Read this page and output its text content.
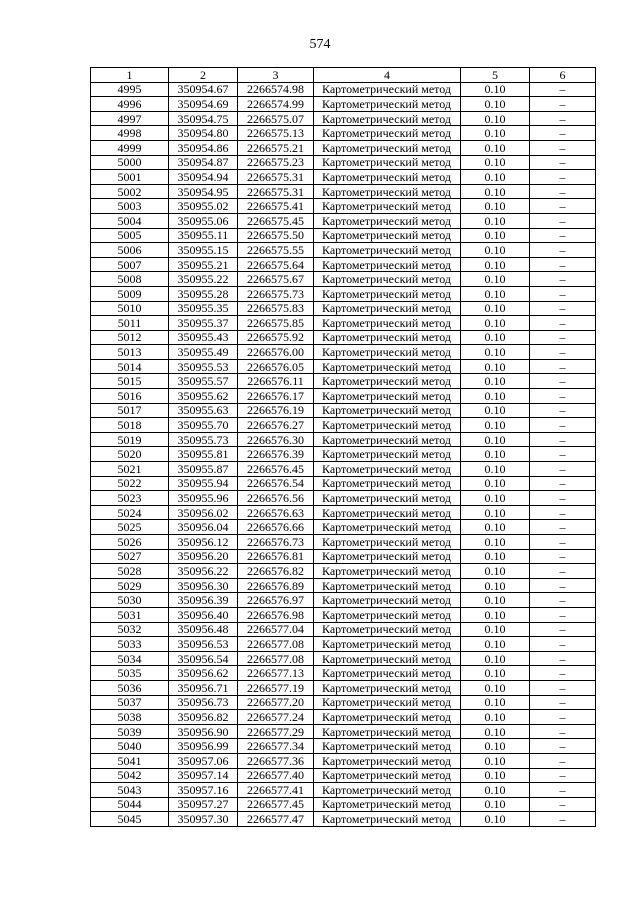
574
1	2	3	4	5	6
4995	350954.67	2266574.98	Картометрический метод	0.10	–
4996	350954.69	2266574.99	Картометрический метод	0.10	–
4997	350954.75	2266575.07	Картометрический метод	0.10	–
4998	350954.80	2266575.13	Картометрический метод	0.10	–
4999	350954.86	2266575.21	Картометрический метод	0.10	–
5000	350954.87	2266575.23	Картометрический метод	0.10	–
5001	350954.94	2266575.31	Картометрический метод	0.10	–
5002	350954.95	2266575.31	Картометрический метод	0.10	–
5003	350955.02	2266575.41	Картометрический метод	0.10	–
5004	350955.06	2266575.45	Картометрический метод	0.10	–
5005	350955.11	2266575.50	Картометрический метод	0.10	–
5006	350955.15	2266575.55	Картометрический метод	0.10	–
5007	350955.21	2266575.64	Картометрический метод	0.10	–
5008	350955.22	2266575.67	Картометрический метод	0.10	–
5009	350955.28	2266575.73	Картометрический метод	0.10	–
5010	350955.35	2266575.83	Картометрический метод	0.10	–
5011	350955.37	2266575.85	Картометрический метод	0.10	–
5012	350955.43	2266575.92	Картометрический метод	0.10	–
5013	350955.49	2266576.00	Картометрический метод	0.10	–
5014	350955.53	2266576.05	Картометрический метод	0.10	–
5015	350955.57	2266576.11	Картометрический метод	0.10	–
5016	350955.62	2266576.17	Картометрический метод	0.10	–
5017	350955.63	2266576.19	Картометрический метод	0.10	–
5018	350955.70	2266576.27	Картометрический метод	0.10	–
5019	350955.73	2266576.30	Картометрический метод	0.10	–
5020	350955.81	2266576.39	Картометрический метод	0.10	–
5021	350955.87	2266576.45	Картометрический метод	0.10	–
5022	350955.94	2266576.54	Картометрический метод	0.10	–
5023	350955.96	2266576.56	Картометрический метод	0.10	–
5024	350956.02	2266576.63	Картометрический метод	0.10	–
5025	350956.04	2266576.66	Картометрический метод	0.10	–
5026	350956.12	2266576.73	Картометрический метод	0.10	–
5027	350956.20	2266576.81	Картометрический метод	0.10	–
5028	350956.22	2266576.82	Картометрический метод	0.10	–
5029	350956.30	2266576.89	Картометрический метод	0.10	–
5030	350956.39	2266576.97	Картометрический метод	0.10	–
5031	350956.40	2266576.98	Картометрический метод	0.10	–
5032	350956.48	2266577.04	Картометрический метод	0.10	–
5033	350956.53	2266577.08	Картометрический метод	0.10	–
5034	350956.54	2266577.08	Картометрический метод	0.10	–
5035	350956.62	2266577.13	Картометрический метод	0.10	–
5036	350956.71	2266577.19	Картометрический метод	0.10	–
5037	350956.73	2266577.20	Картометрический метод	0.10	–
5038	350956.82	2266577.24	Картометрический метод	0.10	–
5039	350956.90	2266577.29	Картометрический метод	0.10	–
5040	350956.99	2266577.34	Картометрический метод	0.10	–
5041	350957.06	2266577.36	Картометрический метод	0.10	–
5042	350957.14	2266577.40	Картометрический метод	0.10	–
5043	350957.16	2266577.41	Картометрический метод	0.10	–
5044	350957.27	2266577.45	Картометрический метод	0.10	–
5045	350957.30	2266577.47	Картометрический метод	0.10	–
